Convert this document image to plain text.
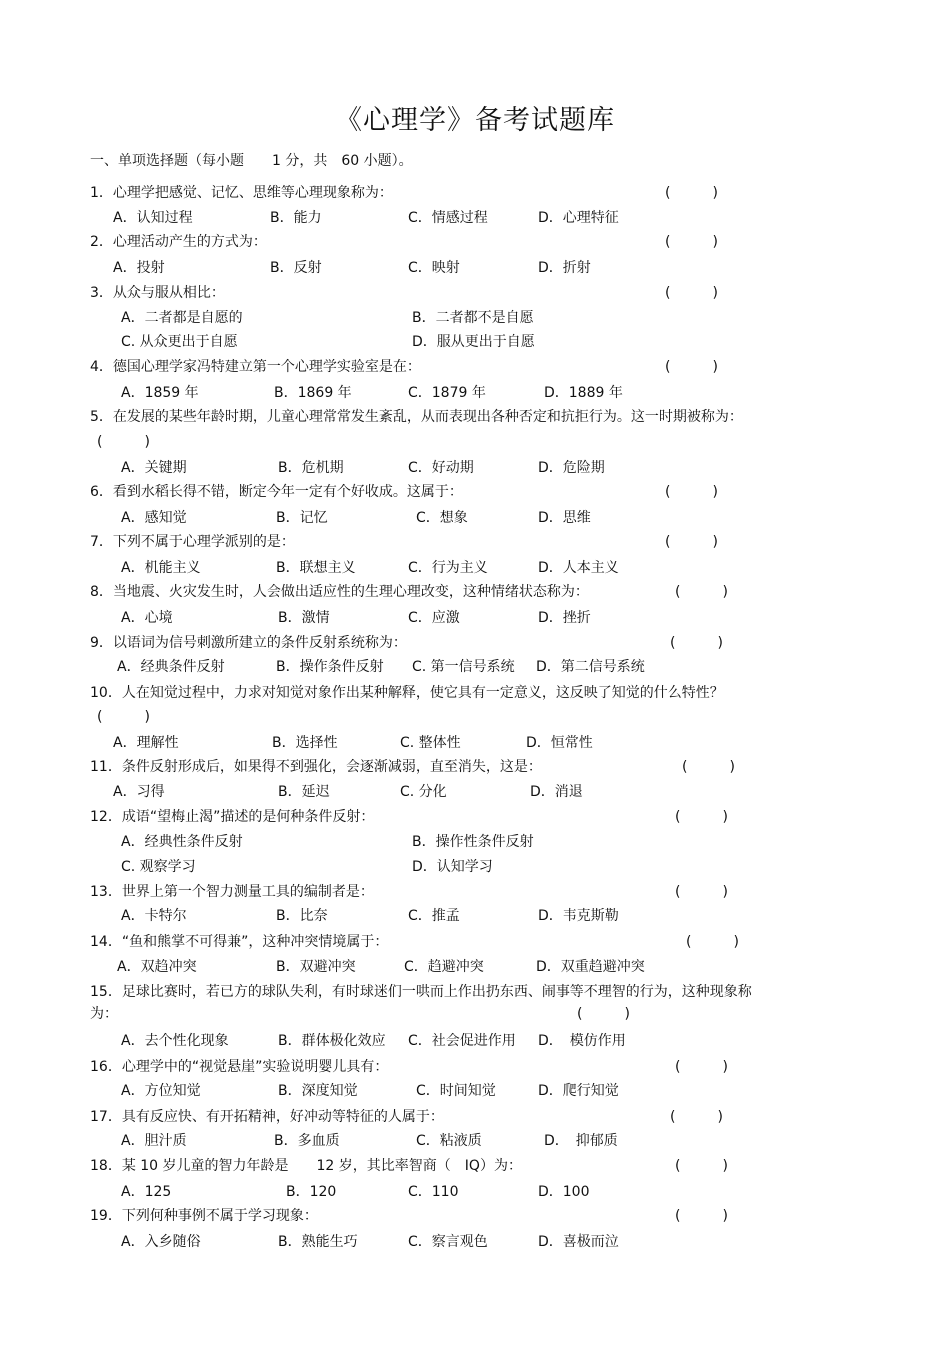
《心理学》备考试题库
一、单项选择题（每小题　　1 分，共　60 小题）。
1．心理学把感觉、记忆、思维等心理现象称为：	(　　　)
A．认知过程	B．能力	C．情感过程	D．心理特征
2．心理活动产生的方式为：	(　　　)
A．投射	B．反射	C．映射	D．折射
3．从众与服从相比：	(　　　)
A．二者都是自愿的	B．二者都不是自愿
C. 从众更出于自愿	D．服从更出于自愿
4．德国心理学家冯特建立第一个心理学实验室是在：	(　　　)
A．1859 年	B．1869 年	C．1879 年	D．1889 年
5．在发展的某些年龄时期，儿童心理常常发生紊乱，从而表现出各种否定和抗拒行为。这一时期被称为：
(　　　)
A．关键期	B．危机期	C．好动期	D．危险期
6．看到水稻长得不错，断定今年一定有个好收成。这属于：	(　　　)
A．感知觉	B．记忆	C．想象	D．思维
7．下列不属于心理学派别的是：	(　　　)
A．机能主义	B．联想主义	C．行为主义	D．人本主义
8．当地震、火灾发生时，人会做出适应性的生理心理改变，这种情绪状态称为：	(　　　)
A．心境	B．激情	C．应激	D．挫折
9．以语词为信号刺激所建立的条件反射系统称为：	(　　　)
A．经典条件反射	B．操作条件反射 C. 第一信号系统 D．第二信号系统
10．人在知觉过程中，力求对知觉对象作出某种解释，使它具有一定意义，这反映了知觉的什么特性？
(　　　)
A．理解性	B．选择性	C. 整体性	D．恒常性
11．条件反射形成后，如果得不到强化，会逐渐减弱，直至消失，这是：	(　　　)
A．习得	B．延迟	C. 分化	D．消退
12．成语“望梅止渴”描述的是何种条件反射：	(　　　)
A．经典性条件反射	B．操作性条件反射
C. 观察学习	D．认知学习
13．世界上第一个智力测量工具的编制者是：	(　　　)
A．卡特尔	B．比奈	C．推孟	D．韦克斯勒
14．“鱼和熊掌不可得兼”，这种冲突情境属于：	(　　　)
A．双趋冲突	B．双避冲突	C．趋避冲突	D．双重趋避冲突
15．足球比赛时，若已方的球队失利，有时球迷们一哄而上作出扔东西、闹事等不理智的行为，这种现象称
为：	(　　　)
A．去个性化现象	B．群体极化效应 C．社会促进作用 D．　模仿作用
16．心理学中的“视觉悬崖”实验说明婴儿具有：	(　　　)
A．方位知觉	B．深度知觉	C．时间知觉	D．爬行知觉
17．具有反应快、有开拓精神，好冲动等特征的人属于：	(　　　)
A．胆汁质	B．多血质	C．粘液质	D．　抑郁质
18．某 10 岁儿童的智力年龄是　　12 岁，其比率智商（　IQ）为：	(　　　)
A．125	B．120	C．110	D．100
19．下列何种事例不属于学习现象：	(　　　)
A．入乡随俗	B．熟能生巧	C．察言观色	D．喜极而泣
